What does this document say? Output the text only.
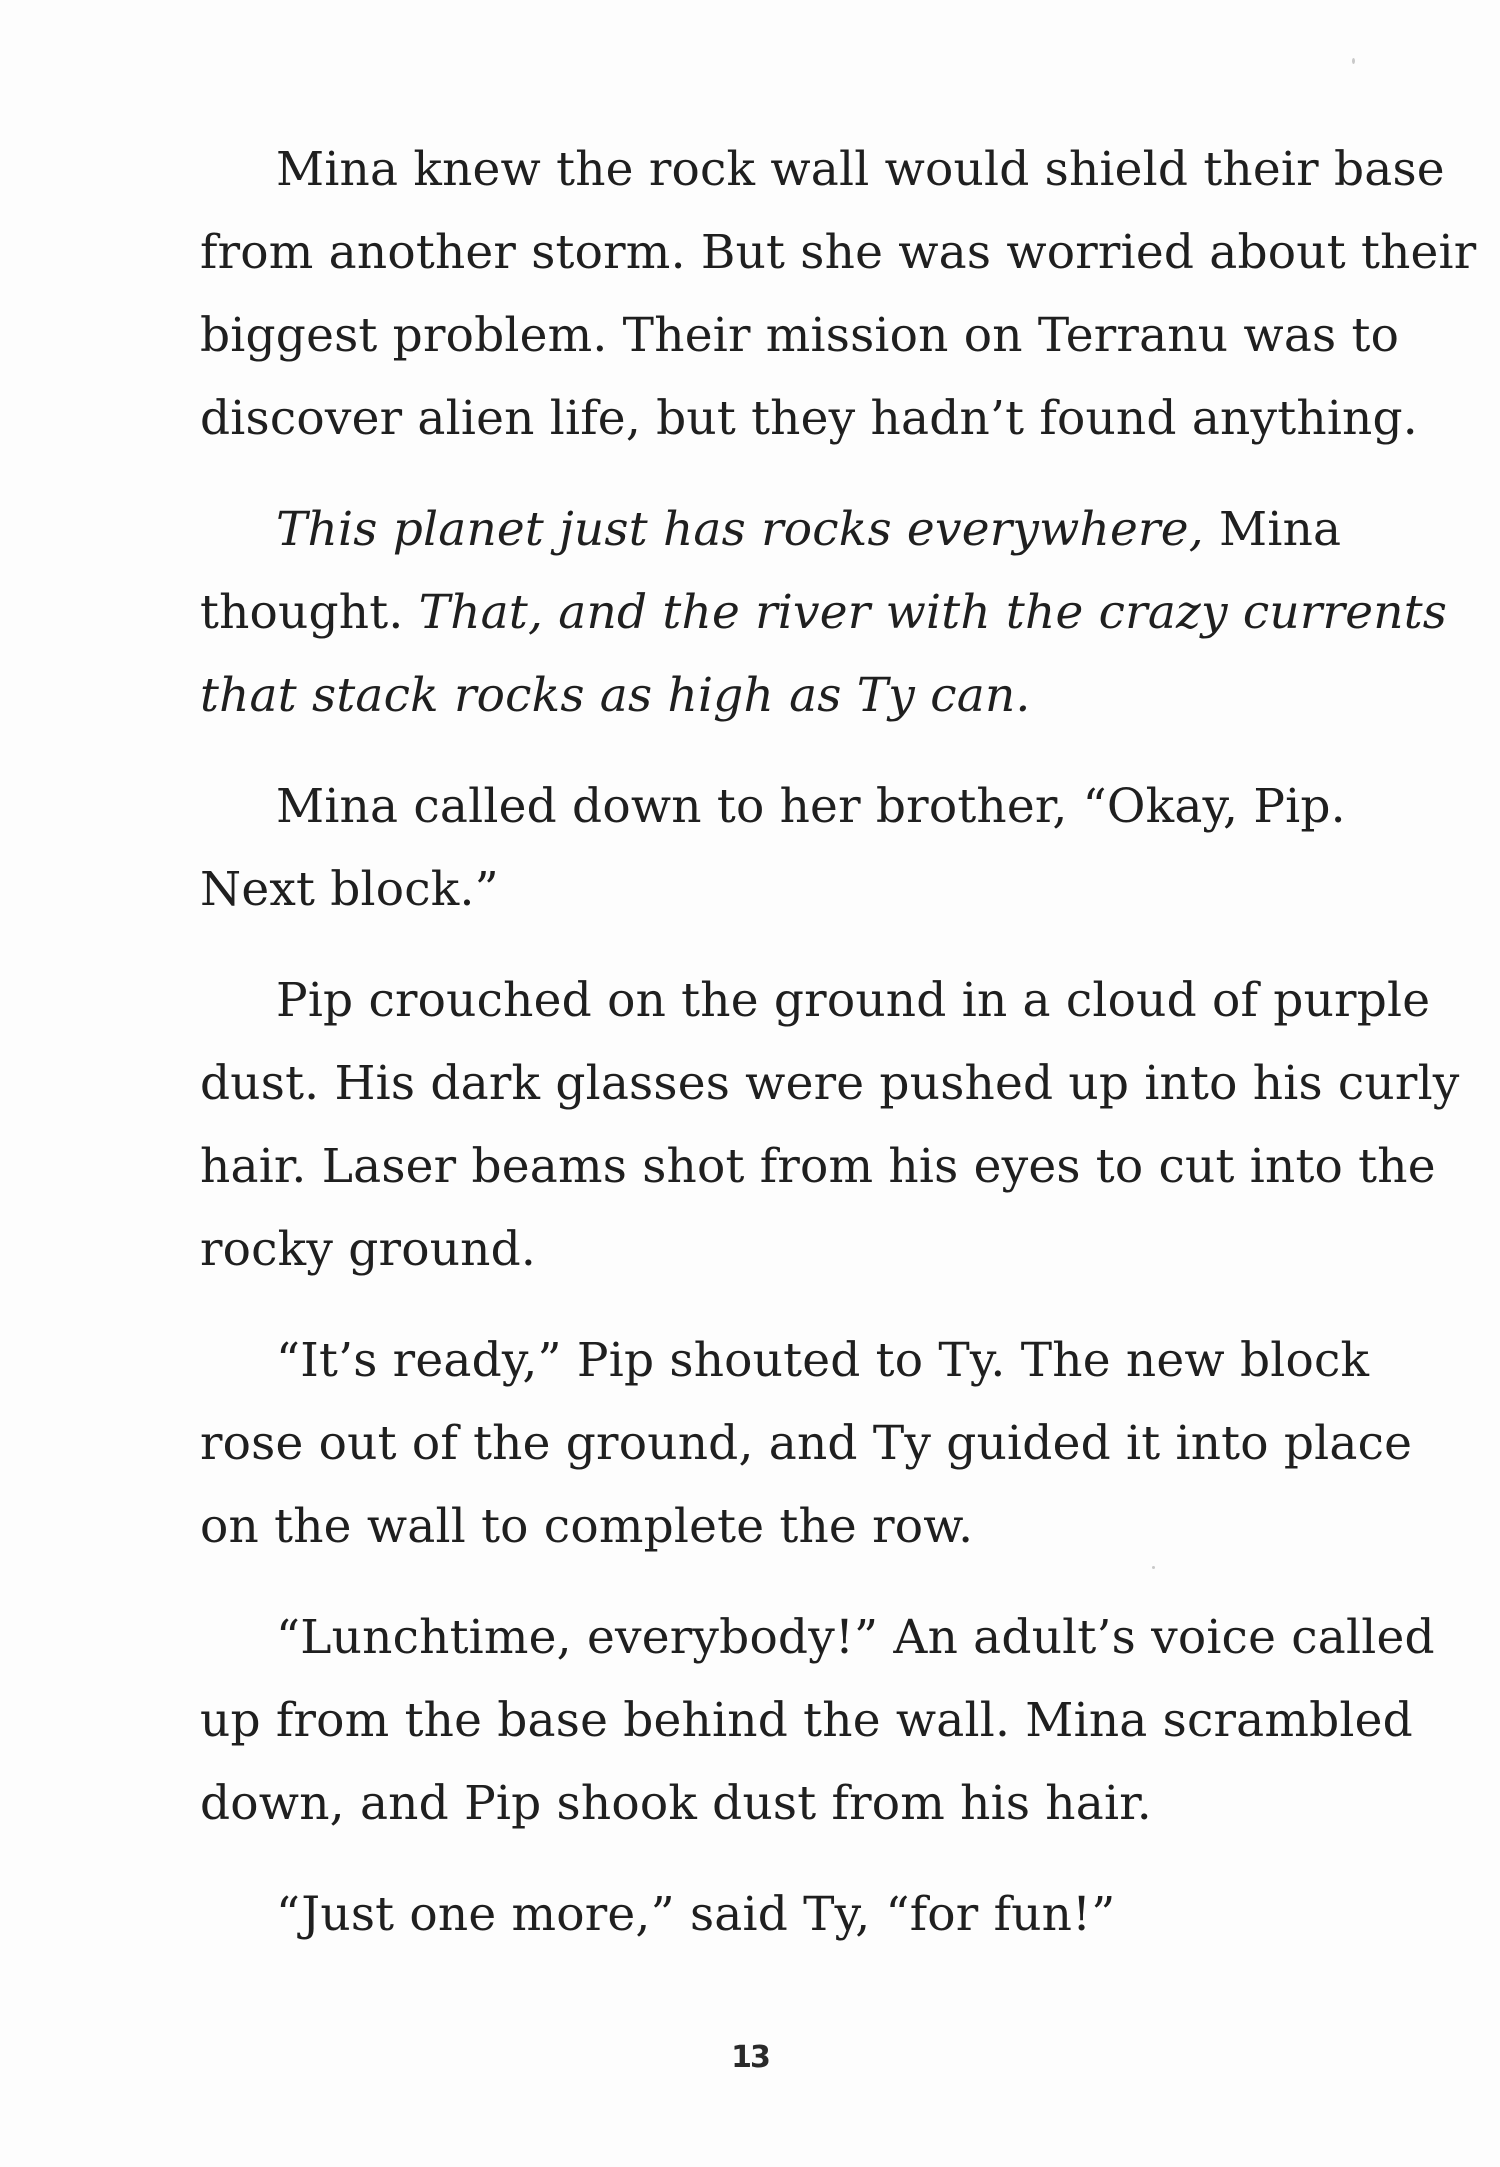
Mina knew the rock wall would shield their base
from another storm. But she was worried about their
biggest problem. Their mission on Terranu was to
discover alien life, but they hadn’t found anything.
This planet just has rocks everywhere, Mina
thought. That, and the river with the crazy currents
that stack rocks as high as Ty can.
Mina called down to her brother, “Okay, Pip.
Next block.”
Pip crouched on the ground in a cloud of purple
dust. His dark glasses were pushed up into his curly
hair. Laser beams shot from his eyes to cut into the
rocky ground.
“It’s ready,” Pip shouted to Ty. The new block
rose out of the ground, and Ty guided it into place
on the wall to complete the row.
“Lunchtime, everybody!” An adult’s voice called
up from the base behind the wall. Mina scrambled
down, and Pip shook dust from his hair.
“Just one more,” said Ty, “for fun!”
13
